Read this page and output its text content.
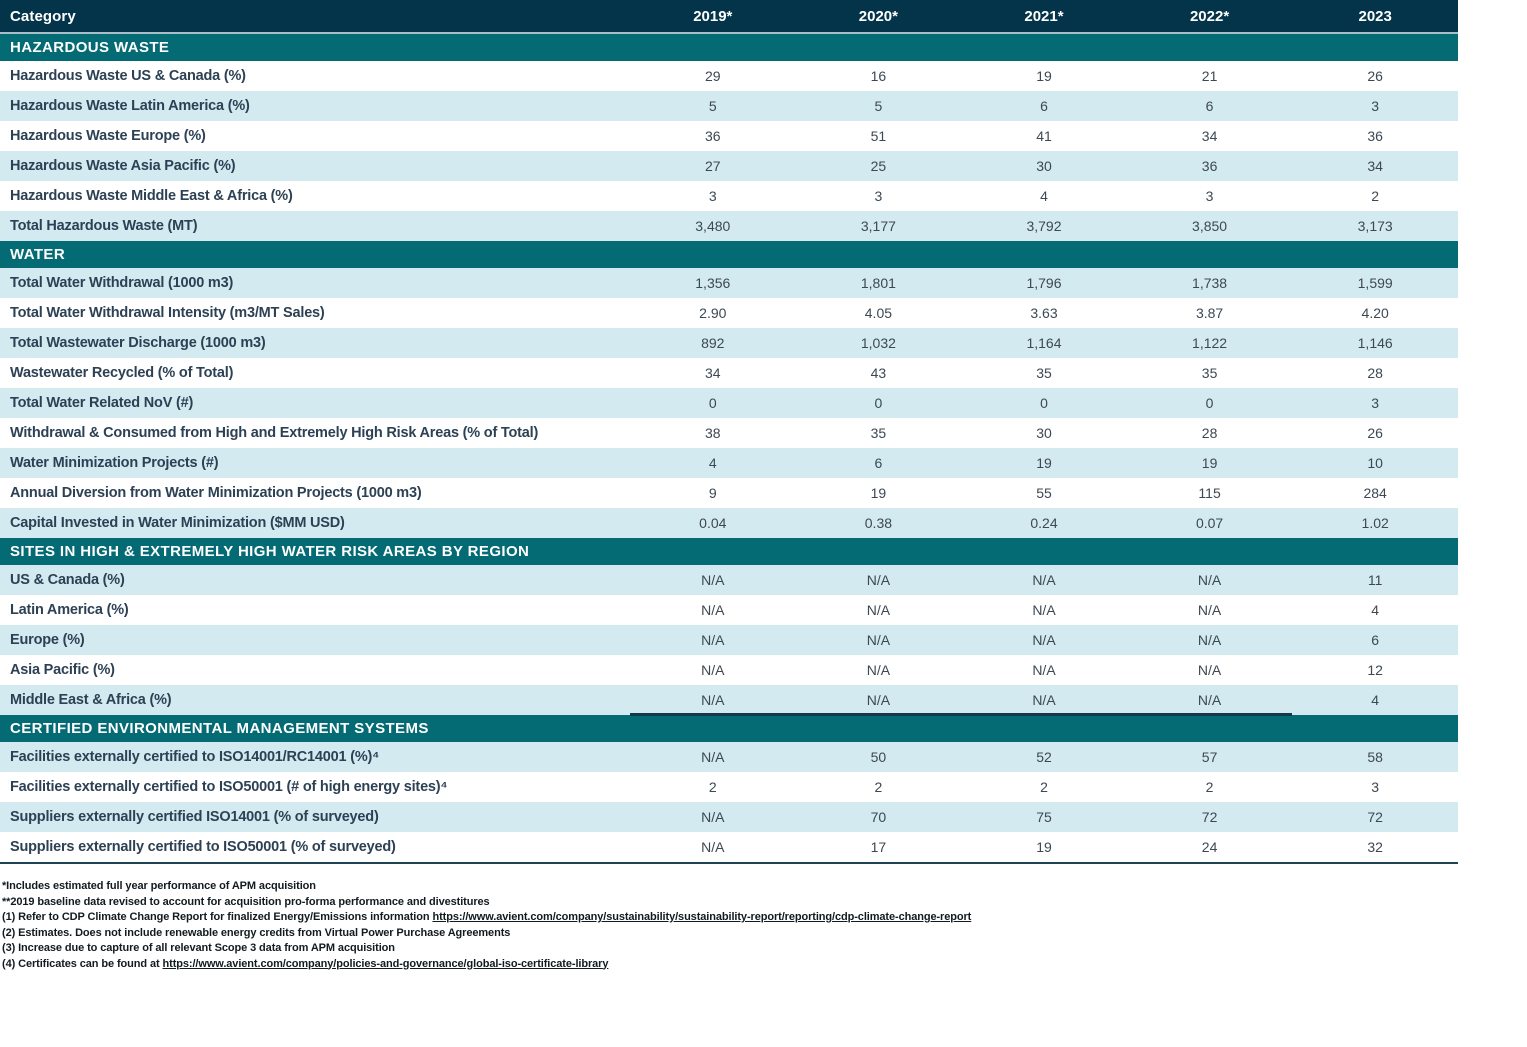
Category	2019*	2020*	2021*	2022*	2023
HAZARDOUS WASTE
Hazardous Waste US & Canada (%)	29	16	19	21	26
Hazardous Waste Latin America (%)	5	5	6	6	3
Hazardous Waste Europe (%)	36	51	41	34	36
Hazardous Waste Asia Pacific (%)	27	25	30	36	34
Hazardous Waste Middle East & Africa (%)	3	3	4	3	2
Total Hazardous Waste (MT)	3,480	3,177	3,792	3,850	3,173
WATER
Total Water Withdrawal (1000 m3)	1,356	1,801	1,796	1,738	1,599
Total Water Withdrawal Intensity (m3/MT Sales)	2.90	4.05	3.63	3.87	4.20
Total Wastewater Discharge (1000 m3)	892	1,032	1,164	1,122	1,146
Wastewater Recycled (% of Total)	34	43	35	35	28
Total Water Related NoV (#)	0	0	0	0	3
Withdrawal & Consumed from High and Extremely High Risk Areas (% of Total)	38	35	30	28	26
Water Minimization Projects (#)	4	6	19	19	10
Annual Diversion from Water Minimization Projects (1000 m3)	9	19	55	115	284
Capital Invested in Water Minimization ($MM USD)	0.04	0.38	0.24	0.07	1.02
SITES IN HIGH & EXTREMELY HIGH WATER RISK AREAS BY REGION
US & Canada (%)	N/A	N/A	N/A	N/A	11
Latin America (%)	N/A	N/A	N/A	N/A	4
Europe (%)	N/A	N/A	N/A	N/A	6
Asia Pacific (%)	N/A	N/A	N/A	N/A	12
Middle East & Africa (%)	N/A	N/A	N/A	N/A	4
CERTIFIED ENVIRONMENTAL MANAGEMENT SYSTEMS
Facilities externally certified to ISO14001/RC14001 (%)⁴	N/A	50	52	57	58
Facilities externally certified to ISO50001 (# of high energy sites)⁴	2	2	2	2	3
Suppliers externally certified ISO14001 (% of surveyed)	N/A	70	75	72	72
Suppliers externally certified to ISO50001 (% of surveyed)	N/A	17	19	24	32
*Includes estimated full year performance of APM acquisition
**2019 baseline data revised to account for acquisition pro-forma performance and divestitures
(1) Refer to CDP Climate Change Report for finalized Energy/Emissions information https://www.avient.com/company/sustainability/sustainability-report/reporting/cdp-climate-change-report
(2) Estimates. Does not include renewable energy credits from Virtual Power Purchase Agreements
(3) Increase due to capture of all relevant Scope 3 data from APM acquisition
(4) Certificates can be found at https://www.avient.com/company/policies-and-governance/global-iso-certificate-library
